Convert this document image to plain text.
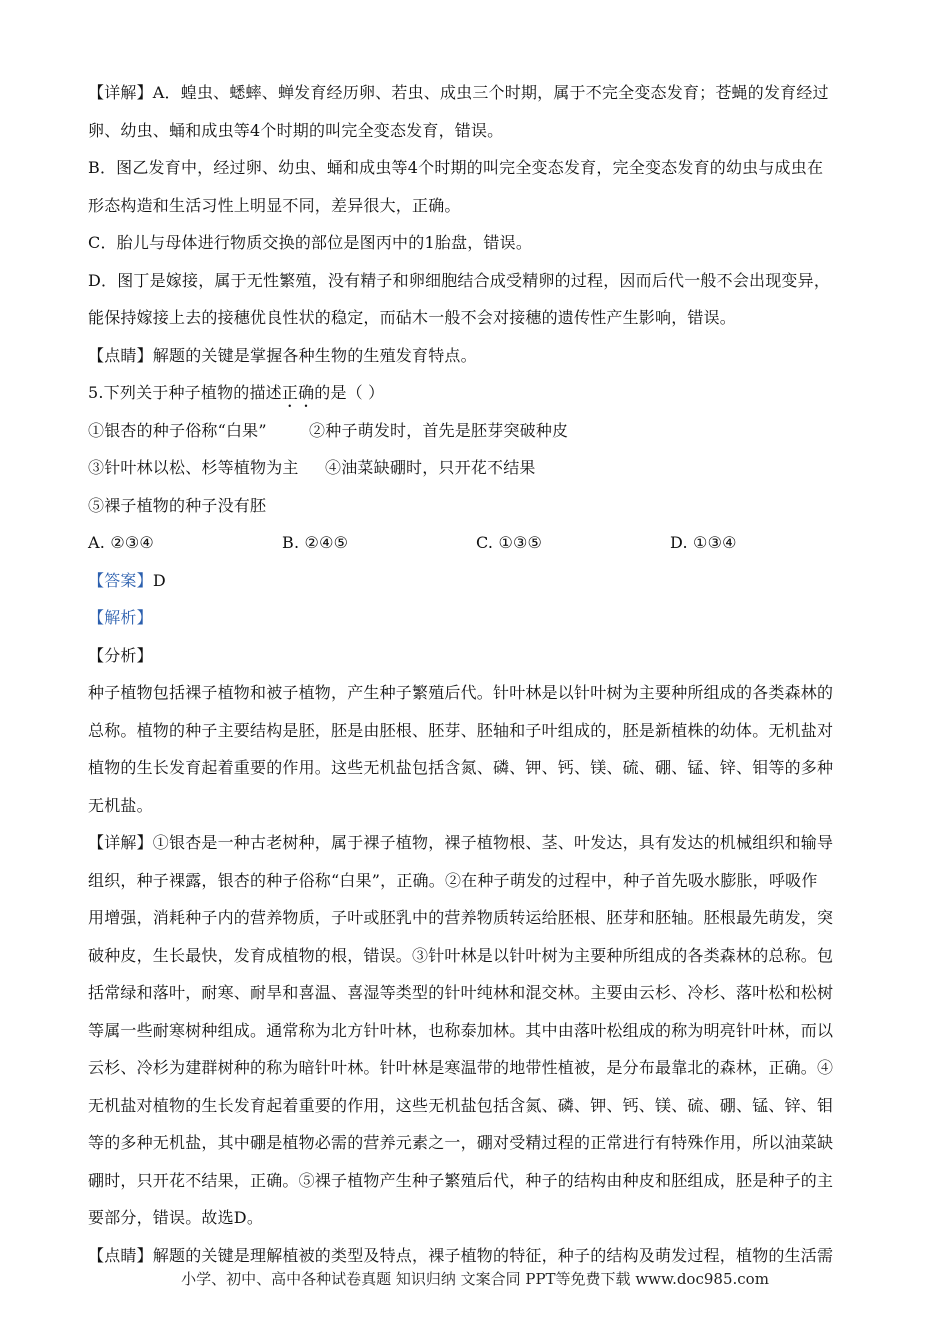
【详解】A．蝗虫、蟋蟀、蝉发育经历卵、若虫、成虫三个时期，属于不完全变态发育；苍蝇的发育经过
卵、幼虫、蛹和成虫等4个时期的叫完全变态发育，错误。
B．图乙发育中，经过卵、幼虫、蛹和成虫等4个时期的叫完全变态发育，完全变态发育的幼虫与成虫在
形态构造和生活习性上明显不同，差异很大，正确。
C．胎儿与母体进行物质交换的部位是图丙中的1胎盘，错误。
D．图丁是嫁接，属于无性繁殖，没有精子和卵细胞结合成受精卵的过程，因而后代一般不会出现变异，
能保持嫁接上去的接穗优良性状的稳定，而砧木一般不会对接穗的遗传性产生影响，错误。
【点睛】解题的关键是掌握各种生物的生殖发育特点。
5.下列关于种子植物的描述正确的是（ ）
①银杏的种子俗称“白果”        ②种子萌发时，首先是胚芽突破种皮
③针叶林以松、杉等植物为主     ④油菜缺硼时，只开花不结果
⑤裸子植物的种子没有胚
A. ②③④	B. ②④⑤	C. ①③⑤	D. ①③④
【答案】D
【解析】
【分析】
种子植物包括裸子植物和被子植物，产生种子繁殖后代。针叶林是以针叶树为主要种所组成的各类森林的
总称。植物的种子主要结构是胚，胚是由胚根、胚芽、胚轴和子叶组成的，胚是新植株的幼体。无机盐对
植物的生长发育起着重要的作用。这些无机盐包括含氮、磷、钾、钙、镁、硫、硼、锰、锌、钼等的多种
无机盐。
【详解】①银杏是一种古老树种，属于裸子植物，裸子植物根、茎、叶发达，具有发达的机械组织和输导
组织，种子裸露，银杏的种子俗称“白果”，正确。②在种子萌发的过程中，种子首先吸水膨胀，呼吸作
用增强，消耗种子内的营养物质，子叶或胚乳中的营养物质转运给胚根、胚芽和胚轴。胚根最先萌发，突
破种皮，生长最快，发育成植物的根，错误。③针叶林是以针叶树为主要种所组成的各类森林的总称。包
括常绿和落叶，耐寒、耐旱和喜温、喜湿等类型的针叶纯林和混交林。主要由云杉、冷杉、落叶松和松树
等属一些耐寒树种组成。通常称为北方针叶林，也称泰加林。其中由落叶松组成的称为明亮针叶林，而以
云杉、冷杉为建群树种的称为暗针叶林。针叶林是寒温带的地带性植被，是分布最靠北的森林，正确。④
无机盐对植物的生长发育起着重要的作用，这些无机盐包括含氮、磷、钾、钙、镁、硫、硼、锰、锌、钼
等的多种无机盐，其中硼是植物必需的营养元素之一，硼对受精过程的正常进行有特殊作用，所以油菜缺
硼时，只开花不结果，正确。⑤裸子植物产生种子繁殖后代，种子的结构由种皮和胚组成，胚是种子的主
要部分，错误。故选D。
【点睛】解题的关键是理解植被的类型及特点，裸子植物的特征，种子的结构及萌发过程，植物的生活需
小学、初中、高中各种试卷真题 知识归纳 文案合同 PPT等免费下载 www.doc985.com
